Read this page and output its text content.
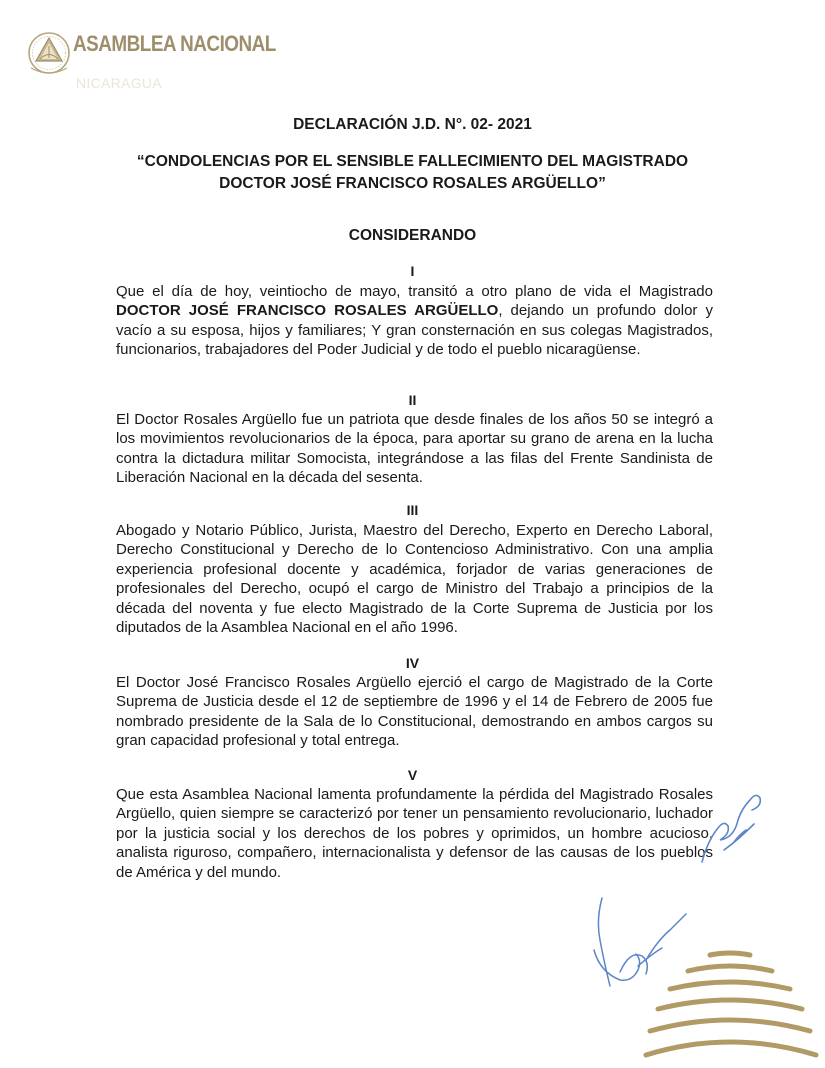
ASAMBLEA NACIONAL
NICARAGUA
DECLARACIÓN J.D. N°. 02- 2021
“CONDOLENCIAS POR EL SENSIBLE FALLECIMIENTO DEL MAGISTRADO
DOCTOR JOSÉ FRANCISCO ROSALES ARGÜELLO”
CONSIDERANDO
I

Que el día de hoy, veintiocho de mayo, transitó a otro plano de vida el Magistrado DOCTOR JOSÉ FRANCISCO ROSALES ARGÜELLO, dejando un profundo dolor y vacío a su esposa, hijos y familiares; Y gran consternación en sus colegas Magistrados, funcionarios, trabajadores del Poder Judicial y de todo el pueblo nicaragüense.

II

El Doctor Rosales Argüello fue un patriota que desde finales de los años 50 se integró a los movimientos revolucionarios de la época, para aportar su grano de arena en la lucha contra la dictadura militar Somocista, integrándose a las filas del Frente Sandinista de Liberación Nacional en la década del sesenta.

III

Abogado y Notario Público, Jurista, Maestro del Derecho, Experto en Derecho Laboral, Derecho Constitucional y Derecho de lo Contencioso Administrativo. Con una amplia experiencia profesional docente y académica, forjador de varias generaciones de profesionales del Derecho, ocupó el cargo de Ministro del Trabajo a principios de la década del noventa y fue electo Magistrado de la Corte Suprema de Justicia por los diputados de la Asamblea Nacional en el año 1996.

IV

El Doctor José Francisco Rosales Argüello ejerció el cargo de Magistrado de la Corte Suprema de Justicia desde el 12 de septiembre de 1996 y el 14 de Febrero de 2005 fue nombrado presidente de la Sala de lo Constitucional, demostrando en ambos cargos su gran capacidad profesional y total entrega.

V

Que esta Asamblea Nacional lamenta profundamente la pérdida del Magistrado Rosales Argüello, quien siempre se caracterizó por tener un pensamiento revolucionario, luchador por la justicia social y los derechos de los pobres y oprimidos, un hombre acucioso, analista riguroso, compañero, internacionalista y defensor de las causas de los pueblos de América y del mundo.
